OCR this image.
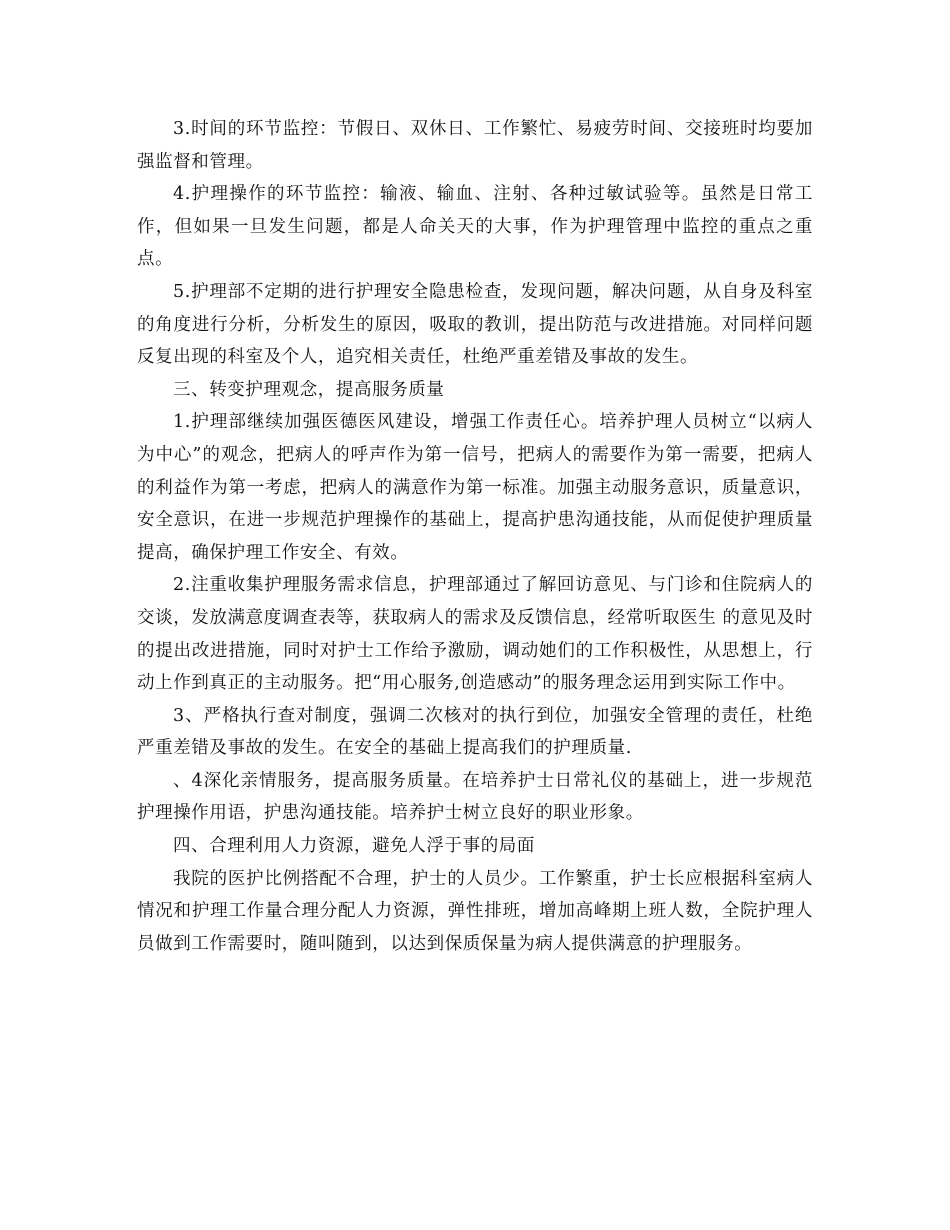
3.时间的环节监控：节假日、双休日、工作繁忙、易疲劳时间、交接班时均要加强监督和管理。

4.护理操作的环节监控：输液、输血、注射、各种过敏试验等。虽然是日常工作，但如果一旦发生问题，都是人命关天的大事，作为护理管理中监控的重点之重点。

5.护理部不定期的进行护理安全隐患检查，发现问题，解决问题，从自身及科室的角度进行分析，分析发生的原因，吸取的教训，提出防范与改进措施。对同样问题反复出现的科室及个人，追究相关责任，杜绝严重差错及事故的发生。

三、转变护理观念，提高服务质量

1.护理部继续加强医德医风建设，增强工作责任心。培养护理人员树立“以病人为中心”的观念，把病人的呼声作为第一信号，把病人的需要作为第一需要，把病人的利益作为第一考虑，把病人的满意作为第一标准。加强主动服务意识，质量意识，安全意识，在进一步规范护理操作的基础上，提高护患沟通技能，从而促使护理质量提高，确保护理工作安全、有效。

2.注重收集护理服务需求信息，护理部通过了解回访意见、与门诊和住院病人的交谈，发放满意度调查表等，获取病人的需求及反馈信息，经常听取医生 的意见及时的提出改进措施，同时对护士工作给予激励，调动她们的工作积极性，从思想上，行动上作到真正的主动服务。把“用心服务,创造感动”的服务理念运用到实际工作中。

3、严格执行查对制度，强调二次核对的执行到位，加强安全管理的责任，杜绝严重差错及事故的发生。在安全的基础上提高我们的护理质量.

、4深化亲情服务，提高服务质量。在培养护士日常礼仪的基础上，进一步规范护理操作用语，护患沟通技能。培养护士树立良好的职业形象。

四、合理利用人力资源，避免人浮于事的局面

我院的医护比例搭配不合理，护士的人员少。工作繁重，护士长应根据科室病人情况和护理工作量合理分配人力资源，弹性排班，增加高峰期上班人数，全院护理人员做到工作需要时，随叫随到，以达到保质保量为病人提供满意的护理服务。
